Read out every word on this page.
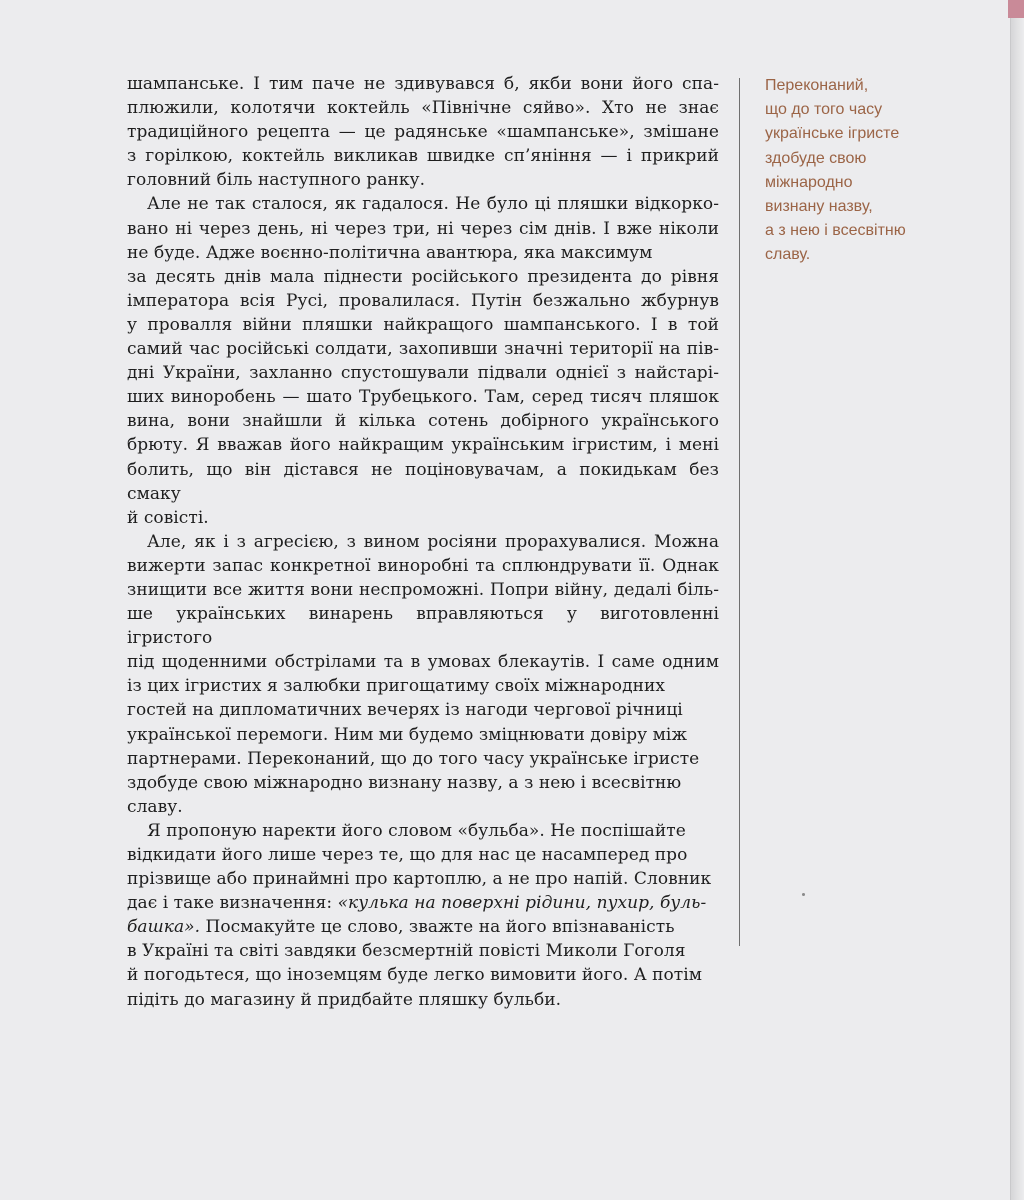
шампанське. І тим паче не здивувався б, якби вони його спа-
плюжили, колотячи коктейль «Північне сяйво». Хто не знає
традиційного рецепта — це радянське «шампанське», змішане
з горілкою, коктейль викликав швидке сп’яніння — і прикрий
головний біль наступного ранку.

Але не так сталося, як гадалося. Не було ці пляшки відкорко-
вано ні через день, ні через три, ні через сім днів. І вже ніколи
не буде. Адже воєнно-політична авантюра, яка максимум
за десять днів мала піднести російського президента до рівня
імператора всія Русі, провалилася. Путін безжально жбурнув
у провалля війни пляшки найкращого шампанського. І в той
самий час російські солдати, захопивши значні території на пів-
дні України, захланно спустошували підвали однієї з найстарі-
ших виноробень — шато Трубецького. Там, серед тисяч пляшок
вина, вони знайшли й кілька сотень добірного українського
брюту. Я вважав його найкращим українським ігристим, і мені
болить, що він дістався не поціновувачам, а покидькам без смаку
й совісті.

Але, як і з агресією, з вином росіяни прорахувалися. Можна
вижерти запас конкретної виноробні та сплюндрувати її. Однак
знищити все життя вони неспроможні. Попри війну, дедалі біль-
ше українських винарень вправляються у виготовленні ігристого
під щоденними обстрілами та в умовах блекаутів. І саме одним
із цих ігристих я залюбки пригощатиму своїх міжнародних
гостей на дипломатичних вечерях із нагоди чергової річниці
української перемоги. Ним ми будемо зміцнювати довіру між
партнерами. Переконаний, що до того часу українське ігристе
здобуде свою міжнародно визнану назву, а з нею і всесвітню
славу.

Я пропоную наректи його словом «бульба». Не поспішайте
відкидати його лише через те, що для нас це насамперед про
прізвище або принаймні про картоплю, а не про напій. Словник
дає і таке визначення: «кулька на поверхні рідини, пухир, буль-
башка». Посмакуйте це слово, зважте на його впізнаваність
в Україні та світі завдяки безсмертній повісті Миколи Гоголя
й погодьтеся, що іноземцям буде легко вимовити його. А потім
підіть до магазину й придбайте пляшку бульби.

Переконаний,
що до того часу
українське ігристе
здобуде свою
міжнародно
визнану назву,
а з нею і всесвітню
славу.
